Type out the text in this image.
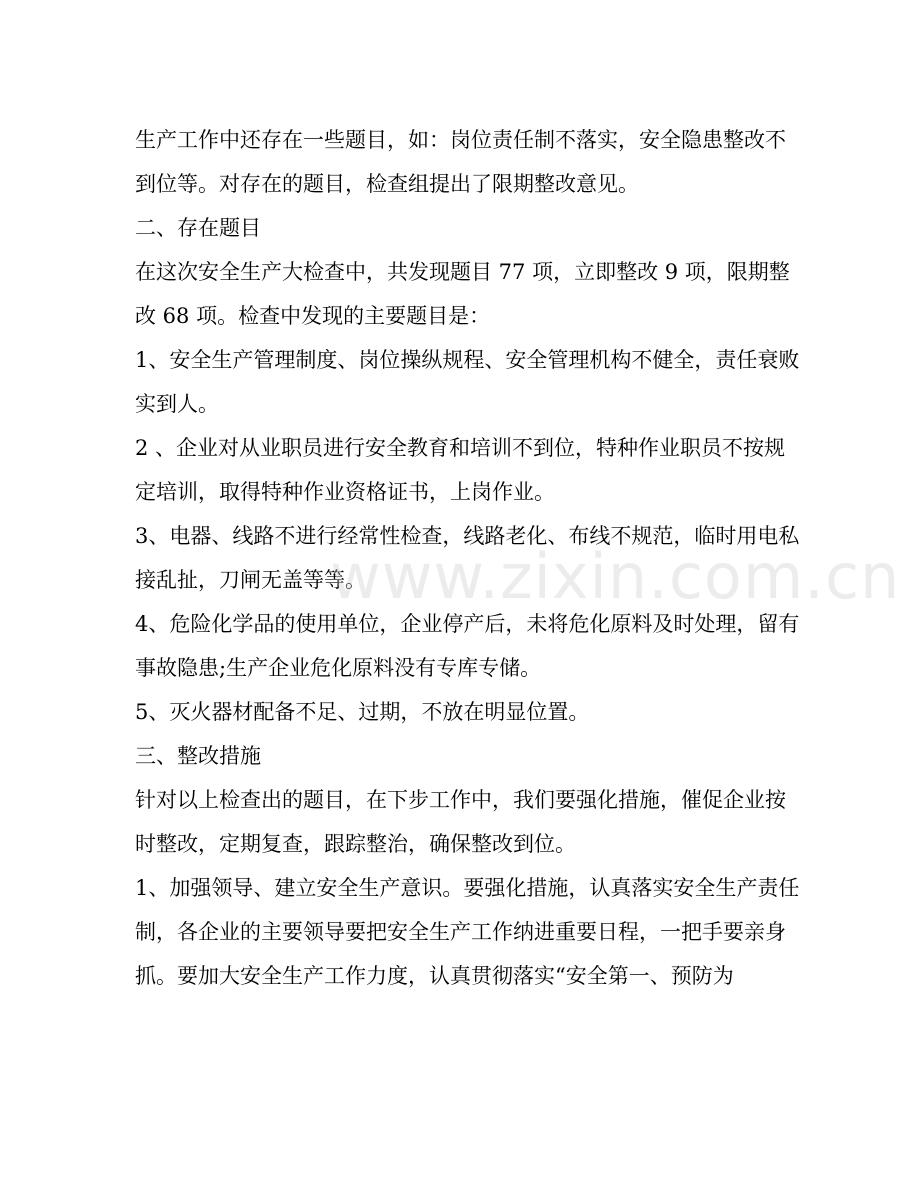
生产工作中还存在一些题目，如：岗位责任制不落实，安全隐患整改不到位等。对存在的题目，检查组提出了限期整改意见。

二、存在题目

在这次安全生产大检查中，共发现题目 77 项，立即整改 9 项，限期整改 68 项。检查中发现的主要题目是：

1、安全生产管理制度、岗位操纵规程、安全管理机构不健全，责任衰败实到人。

2 、企业对从业职员进行安全教育和培训不到位，特种作业职员不按规定培训，取得特种作业资格证书，上岗作业。

3、电器、线路不进行经常性检查，线路老化、布线不规范，临时用电私接乱扯，刀闸无盖等等。

4、危险化学品的使用单位，企业停产后，未将危化原料及时处理，留有事故隐患;生产企业危化原料没有专库专储。

5、灭火器材配备不足、过期，不放在明显位置。

三、整改措施

针对以上检查出的题目，在下步工作中，我们要强化措施，催促企业按时整改，定期复查，跟踪整治，确保整改到位。

1、加强领导、建立安全生产意识。要强化措施，认真落实安全生产责任制，各企业的主要领导要把安全生产工作纳进重要日程，一把手要亲身抓。要加大安全生产工作力度，认真贯彻落实“安全第一、预防为

www.zixin.com.cn
